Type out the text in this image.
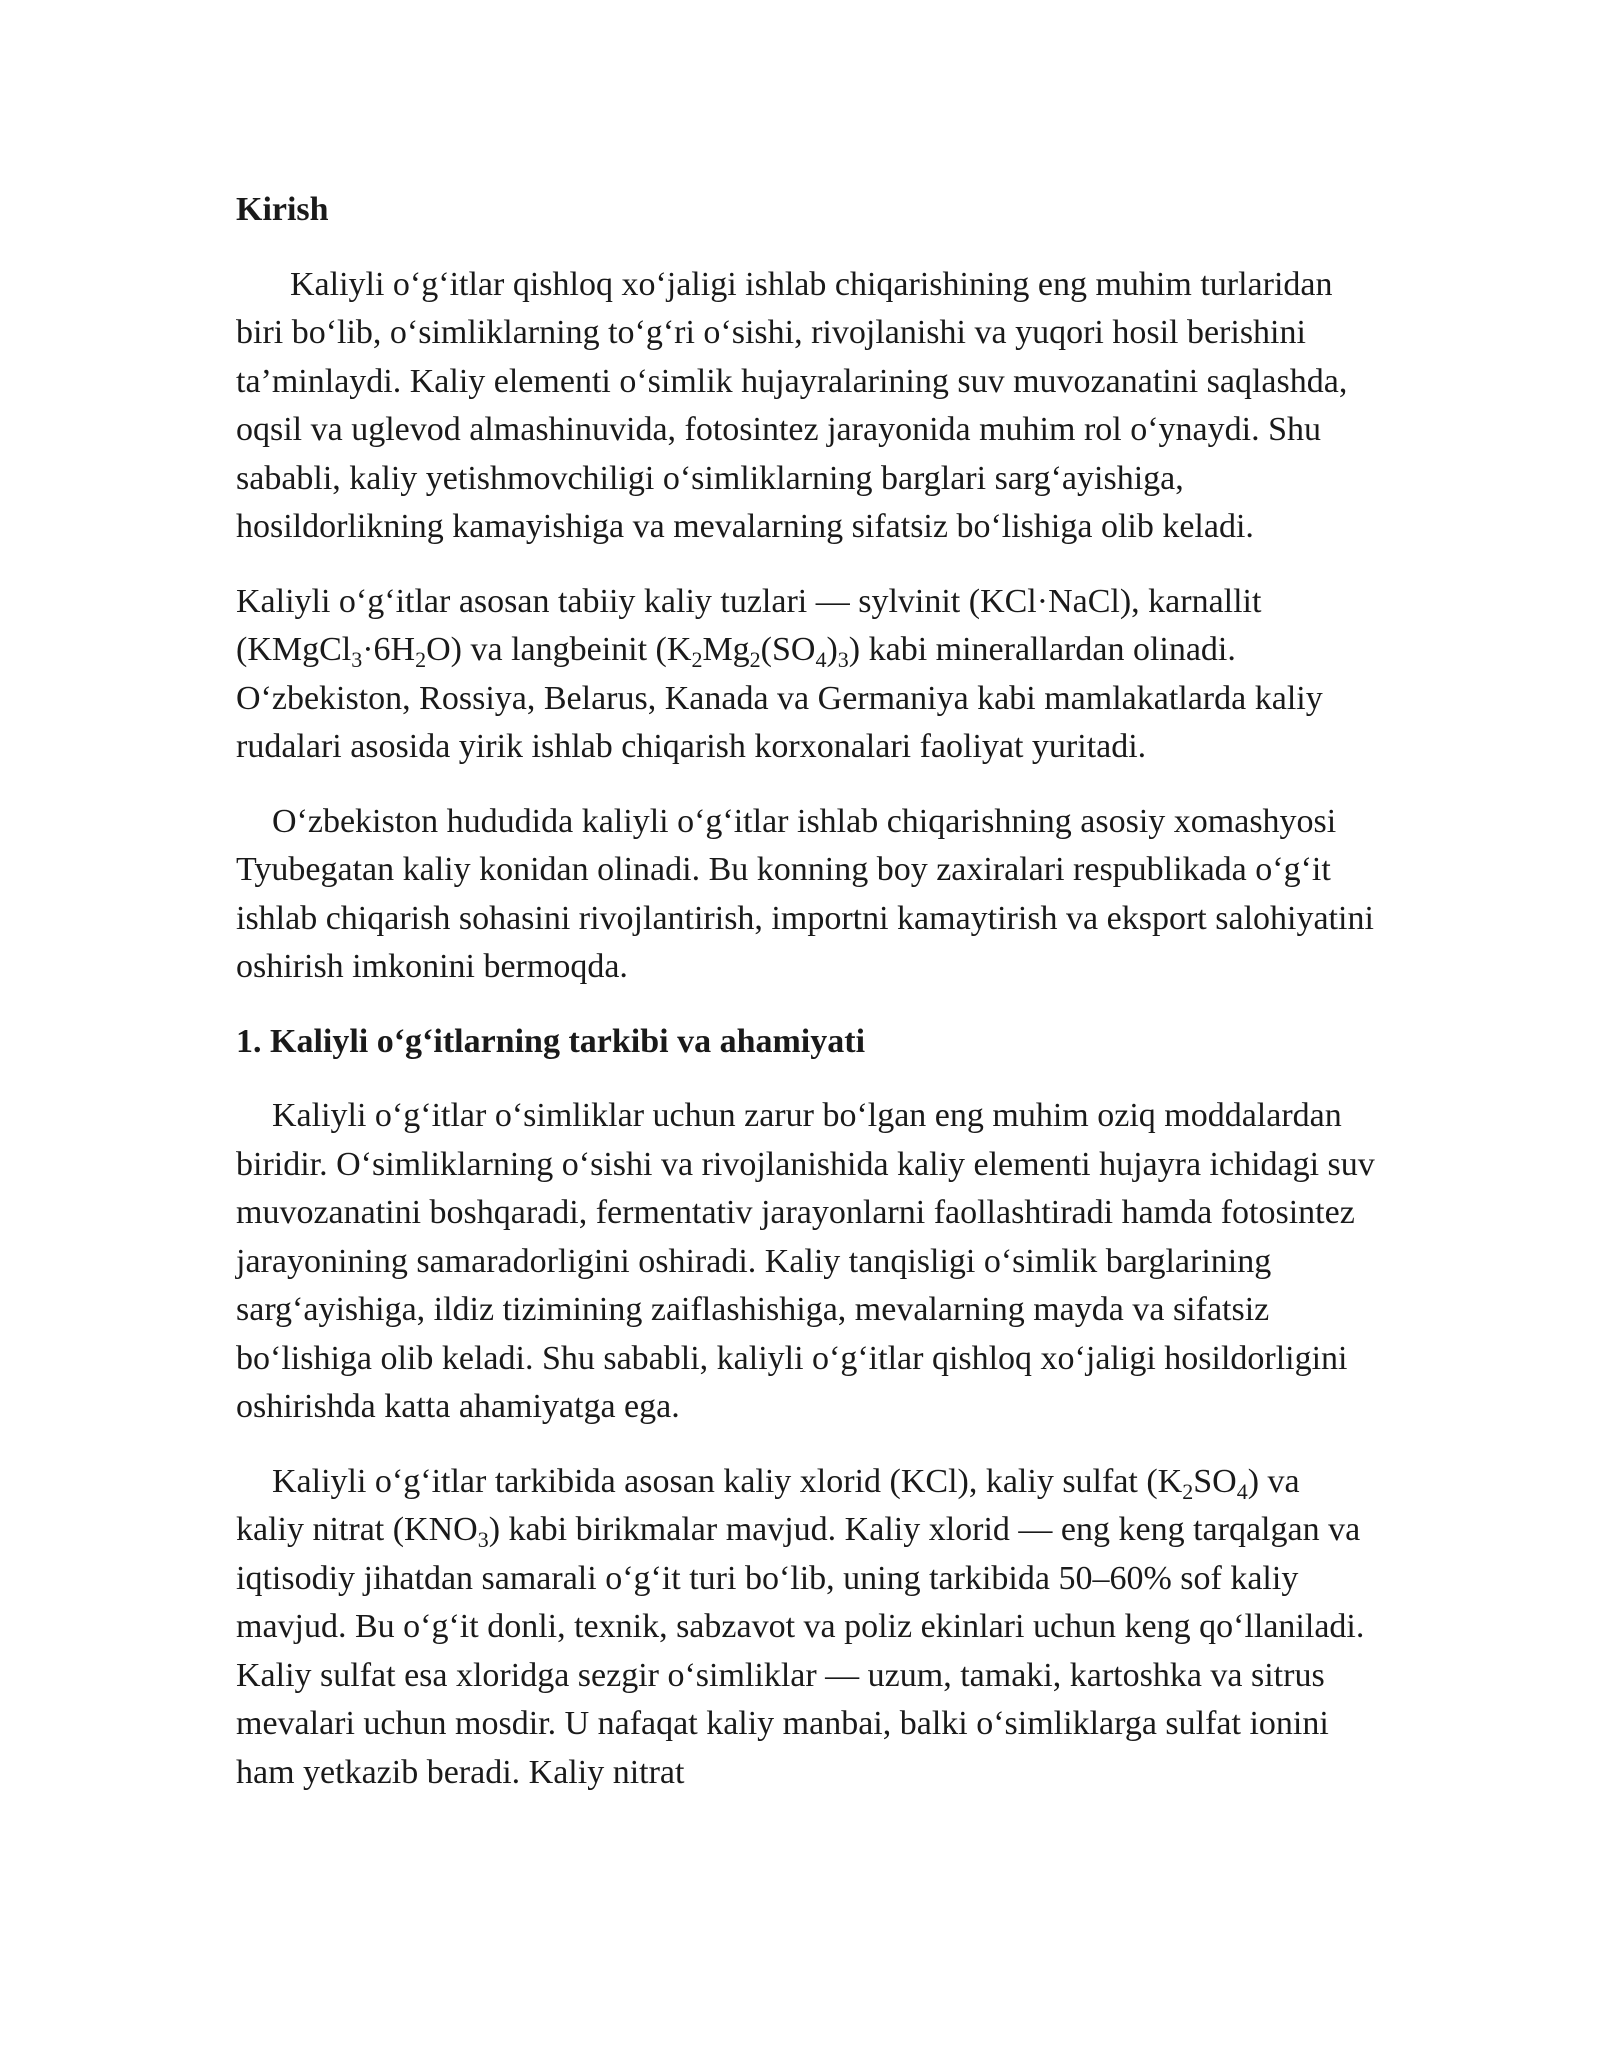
Kirish

Kaliyli o‘g‘itlar qishloq xo‘jaligi ishlab chiqarishining eng muhim turlaridan biri bo‘lib, o‘simliklarning to‘g‘ri o‘sishi, rivojlanishi va yuqori hosil berishini ta’minlaydi. Kaliy elementi o‘simlik hujayralarining suv muvozanatini saqlashda, oqsil va uglevod almashinuvida, fotosintez jarayonida muhim rol o‘ynaydi. Shu sababli, kaliy yetishmovchiligi o‘simliklarning barglari sarg‘ayishiga, hosildorlikning kamayishiga va mevalarning sifatsiz bo‘lishiga olib keladi.

Kaliyli o‘g‘itlar asosan tabiiy kaliy tuzlari — sylvinit (KCl·NaCl), karnallit $(KMgCl_3\cdot 6H_2O)$ va langbeinit $(K_2Mg_2(SO_4)_3)$ kabi minerallardan olinadi. O‘zbekiston, Rossiya, Belarus, Kanada va Germaniya kabi mamlakatlarda kaliy rudalari asosida yirik ishlab chiqarish korxonalari faoliyat yuritadi.

O‘zbekiston hududida kaliyli o‘g‘itlar ishlab chiqarishning asosiy xomashyosi Tyubegatan kaliy konidan olinadi. Bu konning boy zaxiralari respublikada o‘g‘it ishlab chiqarish sohasini rivojlantirish, importni kamaytirish va eksport salohiyatini oshirish imkonini bermoqda.

1. Kaliyli o‘g‘itlarning tarkibi va ahamiyati

Kaliyli o‘g‘itlar o‘simliklar uchun zarur bo‘lgan eng muhim oziq moddalardan biridir. O‘simliklarning o‘sishi va rivojlanishida kaliy elementi hujayra ichidagi suv muvozanatini boshqaradi, fermentativ jarayonlarni faollashtiradi hamda fotosintez jarayonining samaradorligini oshiradi. Kaliy tanqisligi o‘simlik barglarining sarg‘ayishiga, ildiz tizimining zaiflashishiga, mevalarning mayda va sifatsiz bo‘lishiga olib keladi. Shu sababli, kaliyli o‘g‘itlar qishloq xo‘jaligi hosildorligini oshirishda katta ahamiyatga ega.

Kaliyli o‘g‘itlar tarkibida asosan kaliy xlorid (KCl), kaliy sulfat $(K_2SO_4)$ va kaliy nitrat $(KNO_3)$ kabi birikmalar mavjud. Kaliy xlorid — eng keng tarqalgan va iqtisodiy jihatdan samarali o‘g‘it turi bo‘lib, uning tarkibida 50–60% sof kaliy mavjud. Bu o‘g‘it donli, texnik, sabzavot va poliz ekinlari uchun keng qo‘llaniladi. Kaliy sulfat esa xloridga sezgir o‘simliklar — uzum, tamaki, kartoshka va sitrus mevalari uchun mosdir. U nafaqat kaliy manbai, balki o‘simliklarga sulfat ionini ham yetkazib beradi. Kaliy nitrat
